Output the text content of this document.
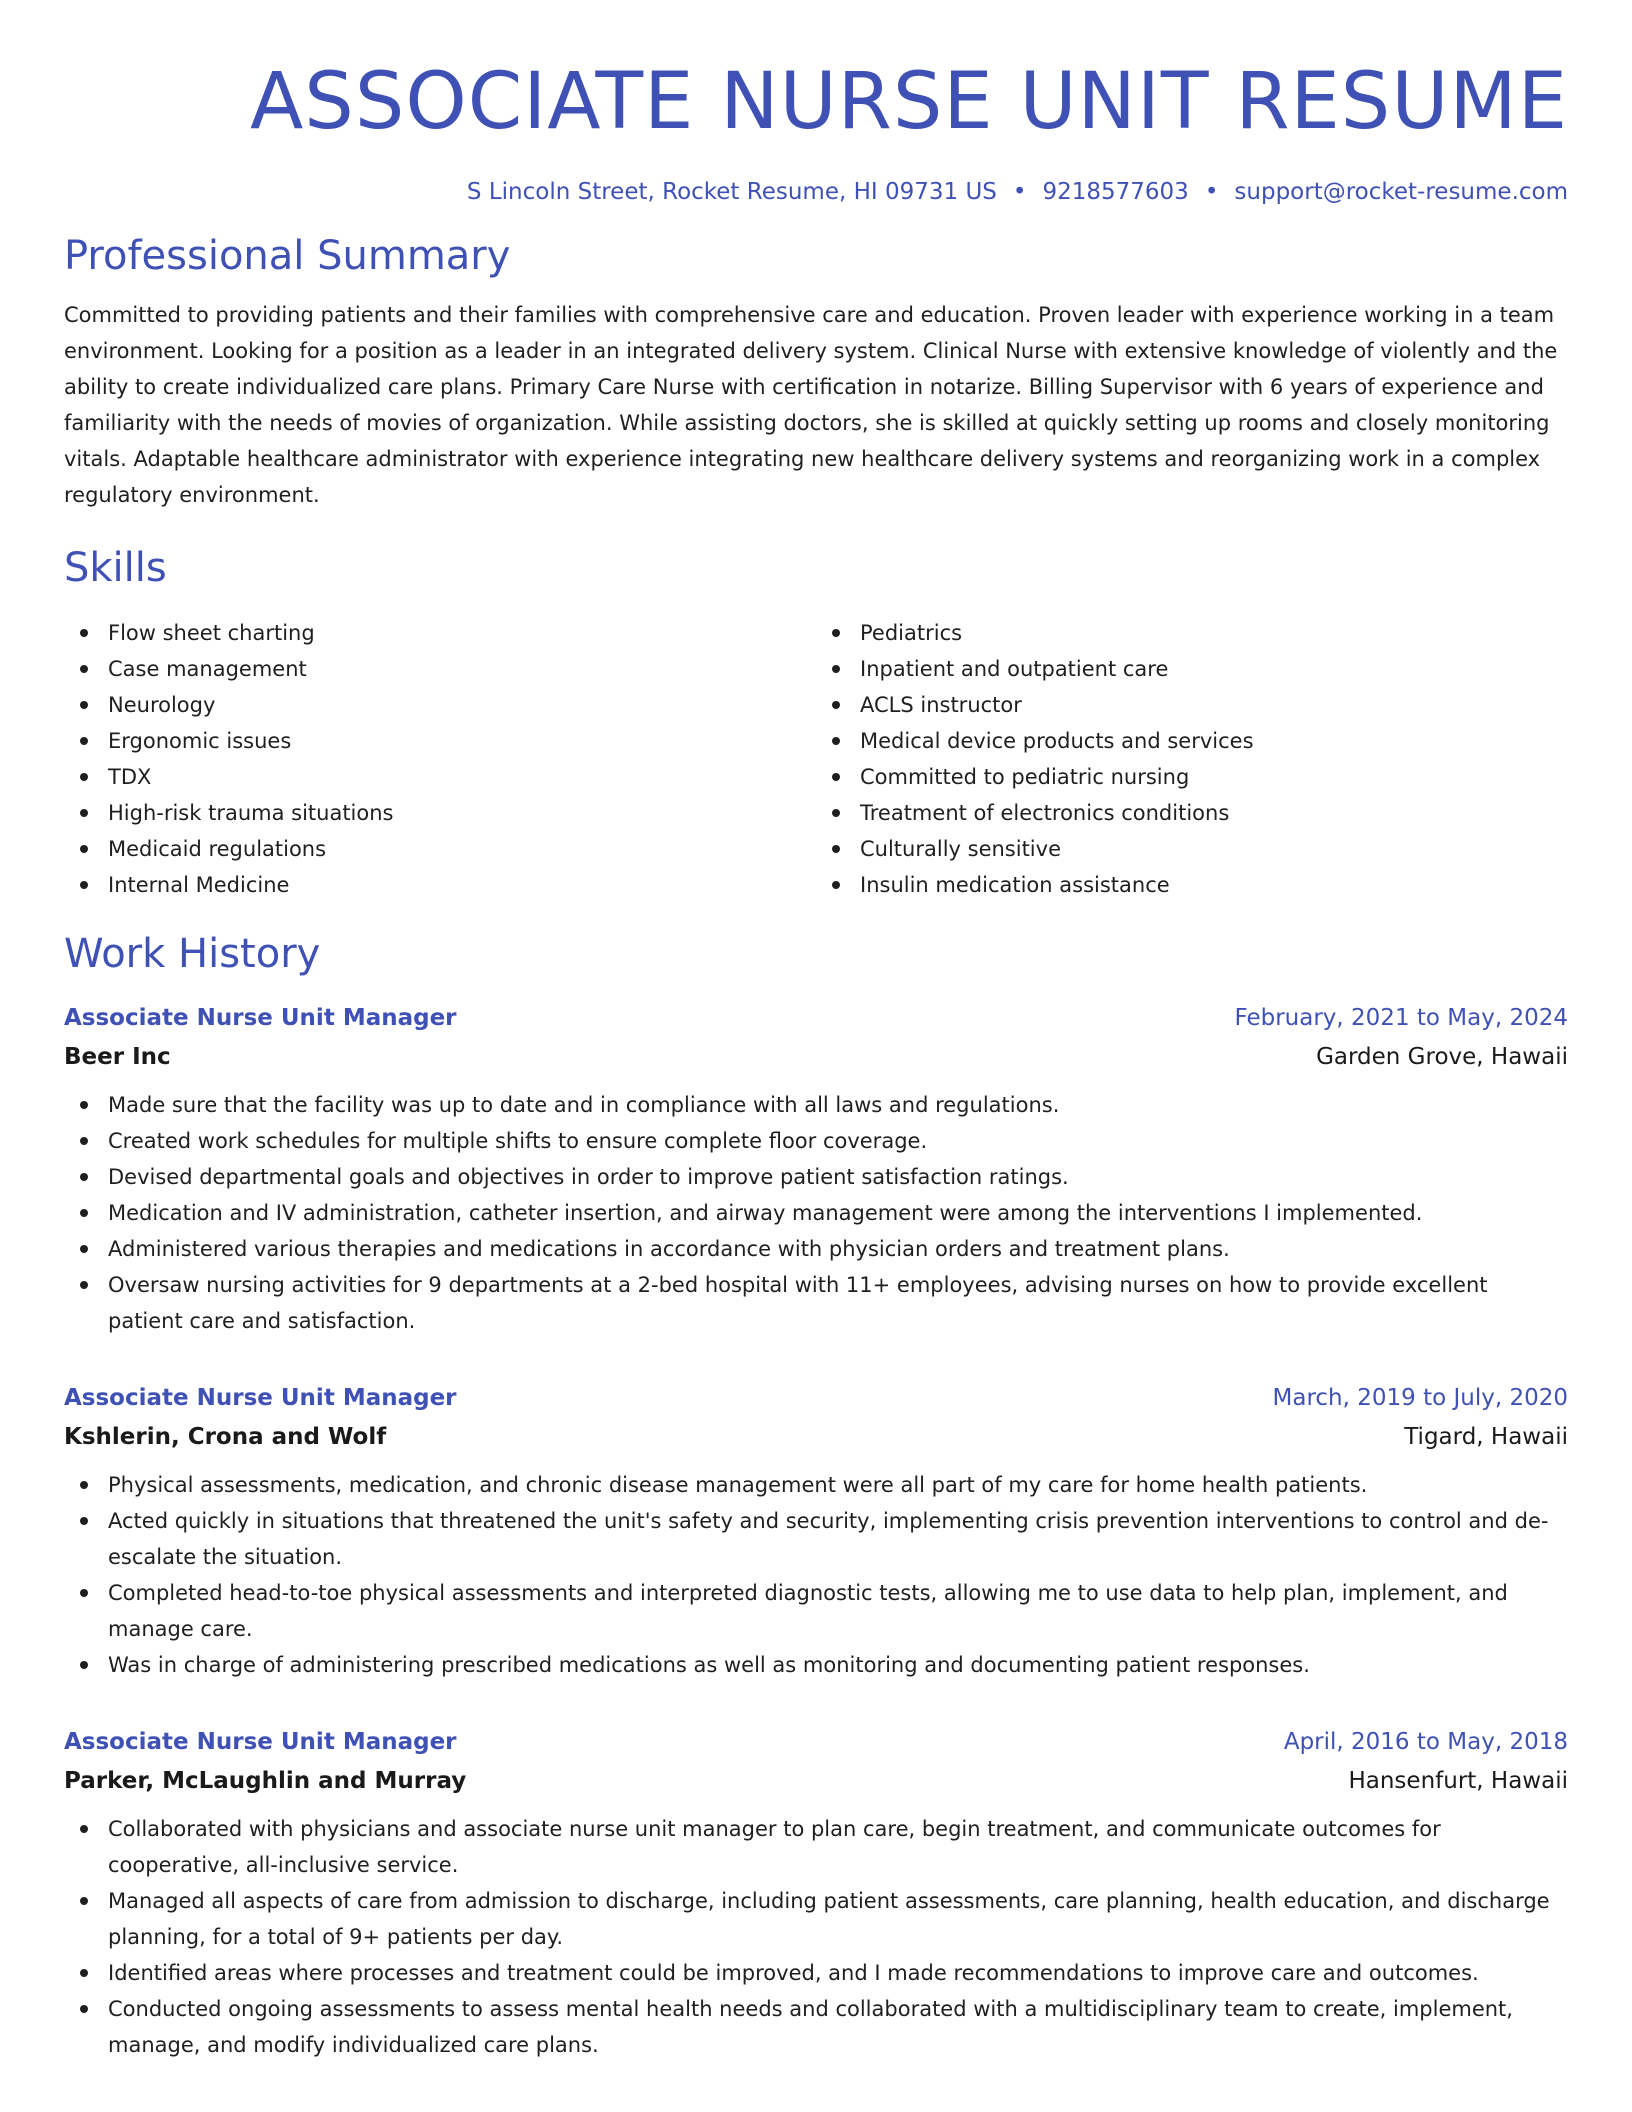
ASSOCIATE NURSE UNIT RESUME
S Lincoln Street, Rocket Resume, HI 09731 US • 9218577603 • support@rocket-resume.com
Professional Summary

Committed to providing patients and their families with comprehensive care and education. Proven leader with experience working in a team environment. Looking for a position as a leader in an integrated delivery system. Clinical Nurse with extensive knowledge of violently and the ability to create individualized care plans. Primary Care Nurse with certification in notarize. Billing Supervisor with 6 years of experience and familiarity with the needs of movies of organization. While assisting doctors, she is skilled at quickly setting up rooms and closely monitoring vitals. Adaptable healthcare administrator with experience integrating new healthcare delivery systems and reorganizing work in a complex regulatory environment.

Skills
Flow sheet charting
Case management
Neurology
Ergonomic issues
TDX
High-risk trauma situations
Medicaid regulations
Internal Medicine
Pediatrics
Inpatient and outpatient care
ACLS instructor
Medical device products and services
Committed to pediatric nursing
Treatment of electronics conditions
Culturally sensitive
Insulin medication assistance
Work History
Associate Nurse Unit Manager	February, 2021 to May, 2024
Beer Inc	Garden Grove, Hawaii
Made sure that the facility was up to date and in compliance with all laws and regulations.
Created work schedules for multiple shifts to ensure complete floor coverage.
Devised departmental goals and objectives in order to improve patient satisfaction ratings.
Medication and IV administration, catheter insertion, and airway management were among the interventions I implemented.
Administered various therapies and medications in accordance with physician orders and treatment plans.
Oversaw nursing activities for 9 departments at a 2-bed hospital with 11+ employees, advising nurses on how to provide excellent patient care and satisfaction.
Associate Nurse Unit Manager	March, 2019 to July, 2020
Kshlerin, Crona and Wolf	Tigard, Hawaii
Physical assessments, medication, and chronic disease management were all part of my care for home health patients.
Acted quickly in situations that threatened the unit's safety and security, implementing crisis prevention interventions to control and de-escalate the situation.
Completed head-to-toe physical assessments and interpreted diagnostic tests, allowing me to use data to help plan, implement, and manage care.
Was in charge of administering prescribed medications as well as monitoring and documenting patient responses.
Associate Nurse Unit Manager	April, 2016 to May, 2018
Parker, McLaughlin and Murray	Hansenfurt, Hawaii
Collaborated with physicians and associate nurse unit manager to plan care, begin treatment, and communicate outcomes for cooperative, all-inclusive service.
Managed all aspects of care from admission to discharge, including patient assessments, care planning, health education, and discharge planning, for a total of 9+ patients per day.
Identified areas where processes and treatment could be improved, and I made recommendations to improve care and outcomes.
Conducted ongoing assessments to assess mental health needs and collaborated with a multidisciplinary team to create, implement, manage, and modify individualized care plans.
